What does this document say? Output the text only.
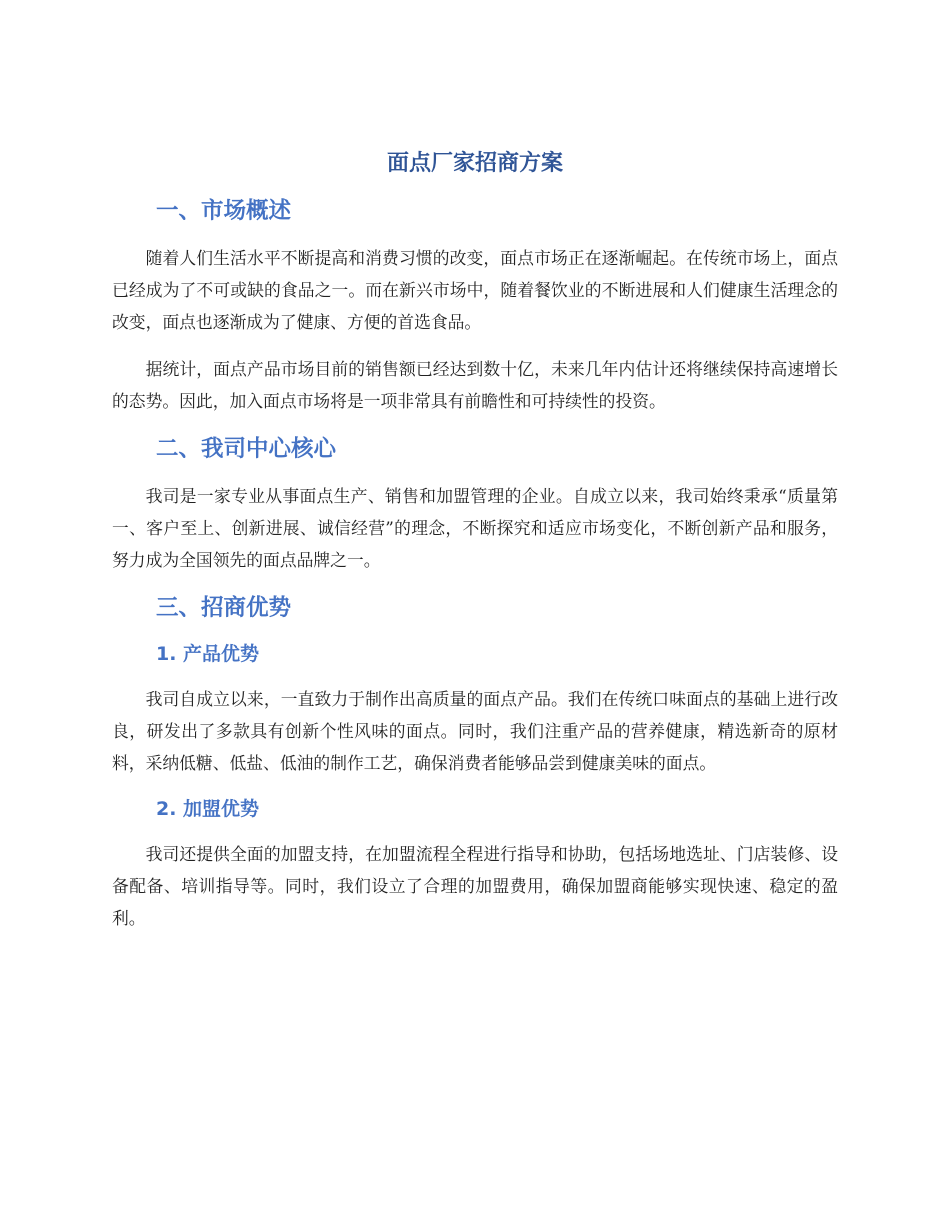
面点厂家招商方案
一、市场概述

随着人们生活水平不断提高和消费习惯的改变，面点市场正在逐渐崛起。在传统市场上，面点已经成为了不可或缺的食品之一。而在新兴市场中，随着餐饮业的不断进展和人们健康生活理念的改变，面点也逐渐成为了健康、方便的首选食品。

据统计，面点产品市场目前的销售额已经达到数十亿，未来几年内估计还将继续保持高速增长的态势。因此，加入面点市场将是一项非常具有前瞻性和可持续性的投资。

二、我司中心核心

我司是一家专业从事面点生产、销售和加盟管理的企业。自成立以来，我司始终秉承“质量第一、客户至上、创新进展、诚信经营”的理念，不断探究和适应市场变化，不断创新产品和服务，努力成为全国领先的面点品牌之一。

三、招商优势
1. 产品优势

我司自成立以来，一直致力于制作出高质量的面点产品。我们在传统口味面点的基础上进行改良，研发出了多款具有创新个性风味的面点。同时，我们注重产品的营养健康，精选新奇的原材料，采纳低糖、低盐、低油的制作工艺，确保消费者能够品尝到健康美味的面点。

2. 加盟优势

我司还提供全面的加盟支持，在加盟流程全程进行指导和协助，包括场地选址、门店装修、设备配备、培训指导等。同时，我们设立了合理的加盟费用，确保加盟商能够实现快速、稳定的盈利。
